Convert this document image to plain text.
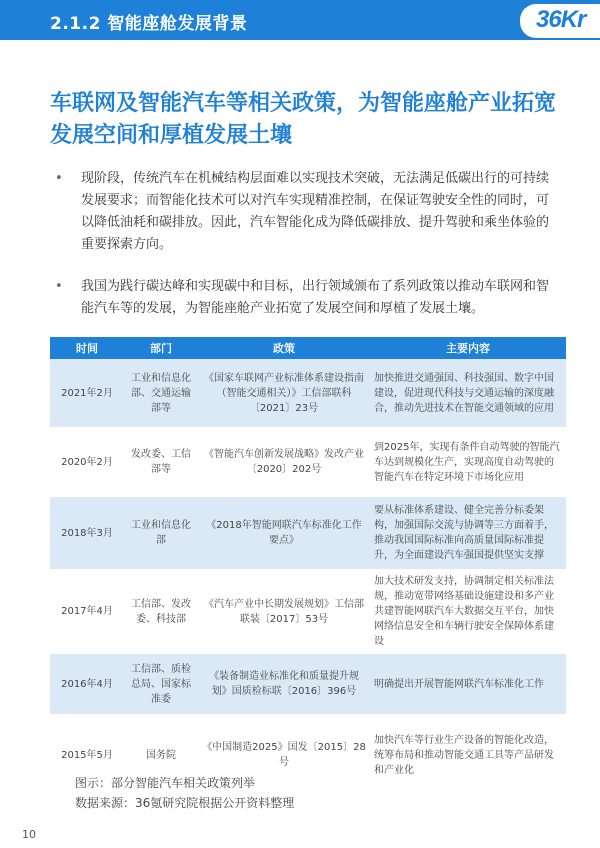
2.1.2 智能座舱发展背景	36Kr
车联网及智能汽车等相关政策，为智能座舱产业拓宽发展空间和厚植发展土壤
•	现阶段，传统汽车在机械结构层面难以实现技术突破，无法满足低碳出行的可持续发展要求；而智能化技术可以对汽车实现精准控制，在保证驾驶安全性的同时，可以降低油耗和碳排放。因此，汽车智能化成为降低碳排放、提升驾驶和乘坐体验的重要探索方向。
•	我国为践行碳达峰和实现碳中和目标，出行领域颁布了系列政策以推动车联网和智能汽车等的发展，为智能座舱产业拓宽了发展空间和厚植了发展土壤。
时间	部门	政策	主要内容
2021年2月	工业和信息化部、交通运输部等	《国家车联网产业标准体系建设指南（智能交通相关）》工信部联科〔2021〕23号	加快推进交通强国、科技强国、数字中国建设，促进现代科技与交通运输的深度融合，推动先进技术在智能交通领域的应用
2020年2月	发改委、工信部等	《智能汽车创新发展战略》发改产业〔2020〕202号	到2025年，实现有条件自动驾驶的智能汽车达到规模化生产，实现高度自动驾驶的智能汽车在特定环境下市场化应用
2018年3月	工业和信息化部	《2018年智能网联汽车标准化工作要点》	要从标准体系建设、健全完善分标委架构，加强国际交流与协调等三方面着手，推动我国国际标准向高质量国际标准提升，为全面建设汽车强国提供坚实支撑
2017年4月	工信部、发改委、科技部	《汽车产业中长期发展规划》工信部联装〔2017〕53号	加大技术研发支持，协调制定相关标准法规，推动宽带网络基础设施建设和多产业共建智能网联汽车大数据交互平台，加快网络信息安全和车辆行驶安全保障体系建设
2016年4月	工信部、质检总局、国家标准委	《装备制造业标准化和质量提升规划》国质检标联〔2016〕396号	明确提出开展智能网联汽车标准化工作
2015年5月	国务院	《中国制造2025》国发〔2015〕28号	加快汽车等行业生产设备的智能化改造，统筹布局和推动智能交通工具等产品研发和产业化
图示：部分智能汽车相关政策列举
数据来源：36氪研究院根据公开资料整理
10
